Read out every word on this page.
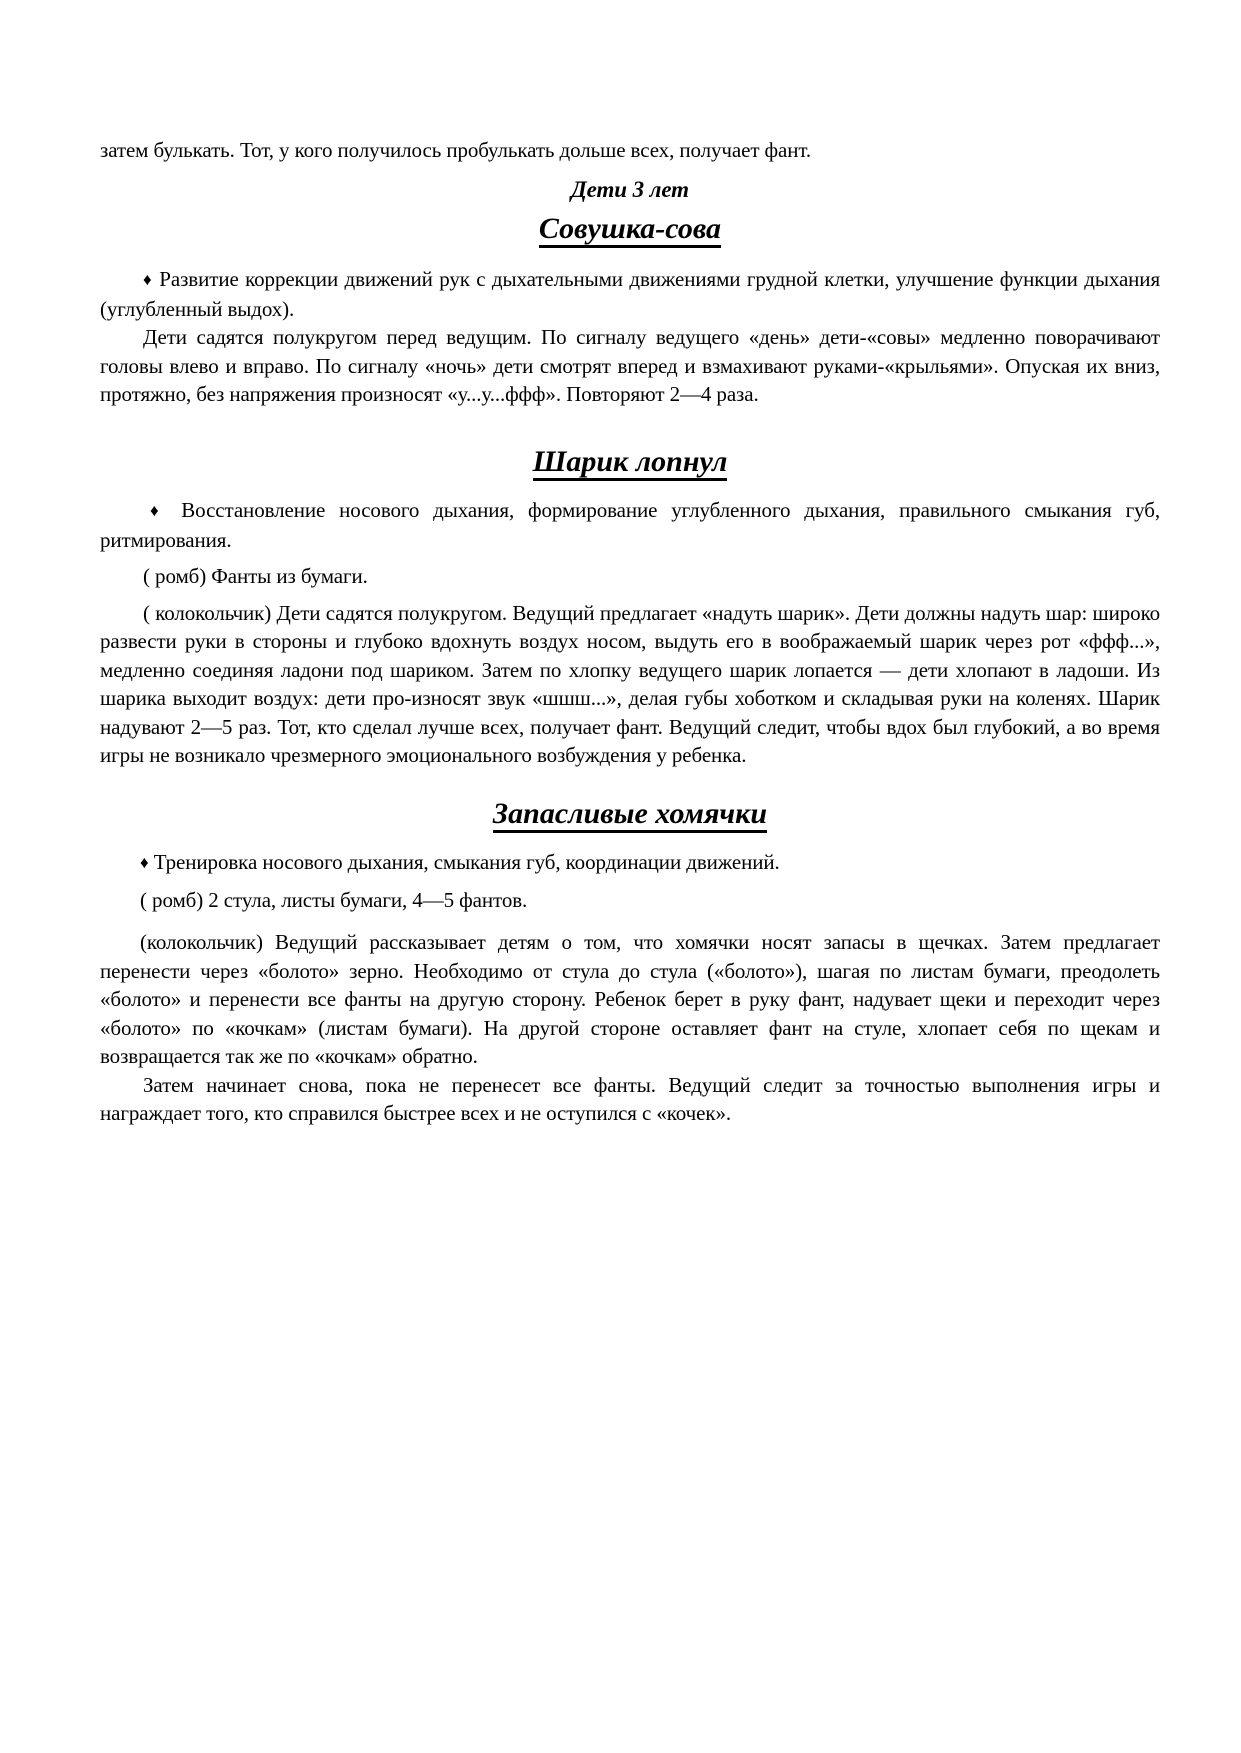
затем булькать. Тот, у кого получилось пробулькать дольше всех, получает фант.

Дети 3 лет

Совушка-сова

♦ Развитие коррекции движений рук с дыхательными движениями грудной клетки, улучшение функции дыхания (углубленный выдох).

Дети садятся полукругом перед ведущим. По сигналу ведущего «день» дети-«совы» медленно поворачивают головы влево и вправо. По сигналу «ночь» дети смотрят вперед и взмахивают руками-«крыльями». Опуская их вниз, протяжно, без напряжения произносят «у...у...ффф». Повторяют 2—4 раза.

Шарик лопнул

♦ Восстановление носового дыхания, формирование углубленного дыхания, правильного смыкания губ, ритмирования.

( ромб) Фанты из бумаги.

( колокольчик) Дети садятся полукругом. Ведущий предлагает «надуть шарик». Дети должны надуть шар: широко развести руки в стороны и глубоко вдохнуть воздух носом, выдуть его в воображаемый шарик через рот «ффф...», медленно соединяя ладони под шариком. Затем по хлопку ведущего шарик лопается — дети хлопают в ладоши. Из шарика выходит воздух: дети про-износят звук «шшш...», делая губы хоботком и складывая руки на коленях. Шарик надувают 2—5 раз. Тот, кто сделал лучше всех, получает фант. Ведущий следит, чтобы вдох был глубокий, а во время игры не возникало чрезмерного эмоционального возбуждения у ребенка.

Запасливые хомячки

♦ Тренировка носового дыхания, смыкания губ, координации движений.

( ромб) 2 стула, листы бумаги, 4—5 фантов.

(колокольчик) Ведущий рассказывает детям о том, что хомячки носят запасы в щечках. Затем предлагает перенести через «болото» зерно. Необходимо от стула до стула («болото»), шагая по листам бумаги, преодолеть «болото» и перенести все фанты на другую сторону. Ребенок берет в руку фант, надувает щеки и переходит через «болото» по «кочкам» (листам бумаги). На другой стороне оставляет фант на стуле, хлопает себя по щекам и возвращается так же по «кочкам» обратно.

Затем начинает снова, пока не перенесет все фанты. Ведущий следит за точностью выполнения игры и награждает того, кто справился быстрее всех и не оступился с «кочек».
